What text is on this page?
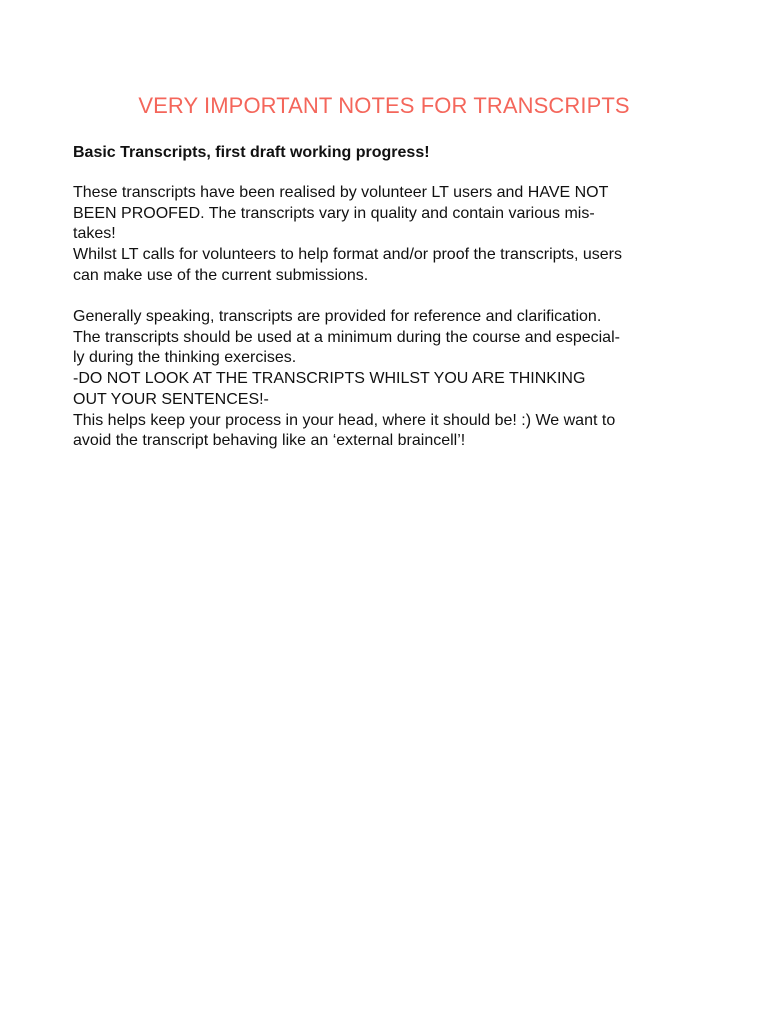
VERY IMPORTANT NOTES FOR TRANSCRIPTS
Basic Transcripts, first draft working progress!
These transcripts have been realised by volunteer LT users and HAVE NOT
BEEN PROOFED. The transcripts vary in quality and contain various mis-
takes!
Whilst LT calls for volunteers to help format and/or proof the transcripts, users
can make use of the current submissions.
Generally speaking, transcripts are provided for reference and clarification.
The transcripts should be used at a minimum during the course and especial-
ly during the thinking exercises.
-DO NOT LOOK AT THE TRANSCRIPTS WHILST YOU ARE THINKING
OUT YOUR SENTENCES!-
This helps keep your process in your head, where it should be! :) We want to
avoid the transcript behaving like an ‘external braincell’!
